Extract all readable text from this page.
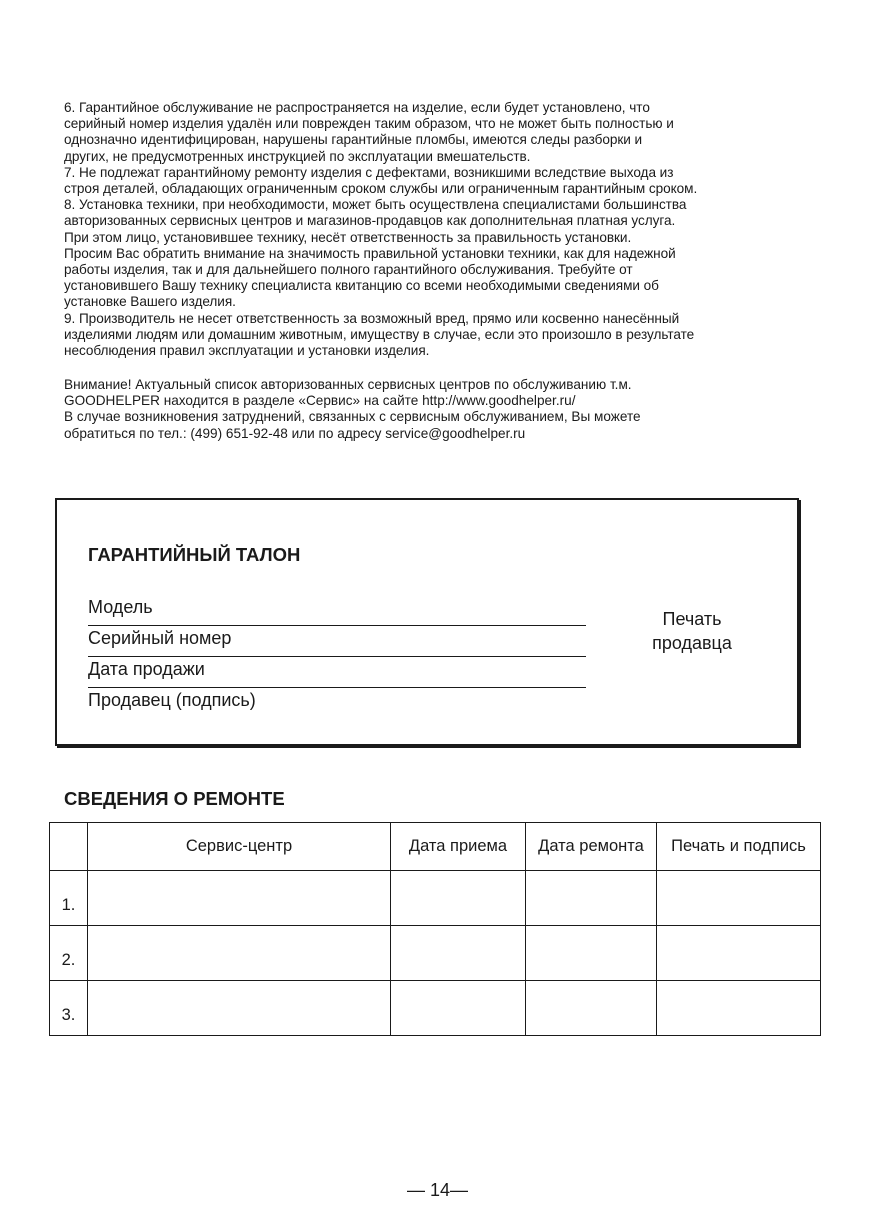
6. Гарантийное обслуживание не распространяется на изделие, если будет установлено, что
серийный номер изделия удалён или поврежден таким образом, что не может быть полностью и
однозначно идентифицирован, нарушены гарантийные пломбы, имеются следы разборки и
других, не предусмотренных инструкцией по эксплуатации вмешательств.
7. Не подлежат гарантийному ремонту изделия с дефектами, возникшими вследствие выхода из
строя деталей, обладающих ограниченным сроком службы или ограниченным гарантийным сроком.
8. Установка техники, при необходимости, может быть осуществлена специалистами большинства
авторизованных сервисных центров и магазинов-продавцов как дополнительная платная услуга.
При этом лицо, установившее технику, несёт ответственность за правильность установки.
Просим Вас обратить внимание на значимость правильной установки техники, как для надежной
работы изделия, так и для дальнейшего полного гарантийного обслуживания. Требуйте от
установившего Вашу технику специалиста квитанцию со всеми необходимыми сведениями об
установке Вашего изделия.
9. Производитель не несет ответственность за возможный вред, прямо или косвенно нанесённый
изделиями людям или домашним животным, имуществу в случае, если это произошло в результате
несоблюдения правил эксплуатации и установки изделия.
Внимание! Актуальный список авторизованных сервисных центров по обслуживанию т.м.
GOODHELPER находится в разделе «Сервис» на сайте http://www.goodhelper.ru/
В случае возникновения затруднений, связанных с сервисным обслуживанием, Вы можете
обратиться по тел.: (499) 651-92-48 или по адресу service@goodhelper.ru
ГАРАНТИЙНЫЙ ТАЛОН
Модель
Серийный номер
Дата продажи
Продавец (подпись)
Печать
продавца
СВЕДЕНИЯ О РЕМОНТЕ
	Сервис-центр	Дата приема	Дата ремонта	Печать и подпись
1.				
2.				
3.				
— 14—
